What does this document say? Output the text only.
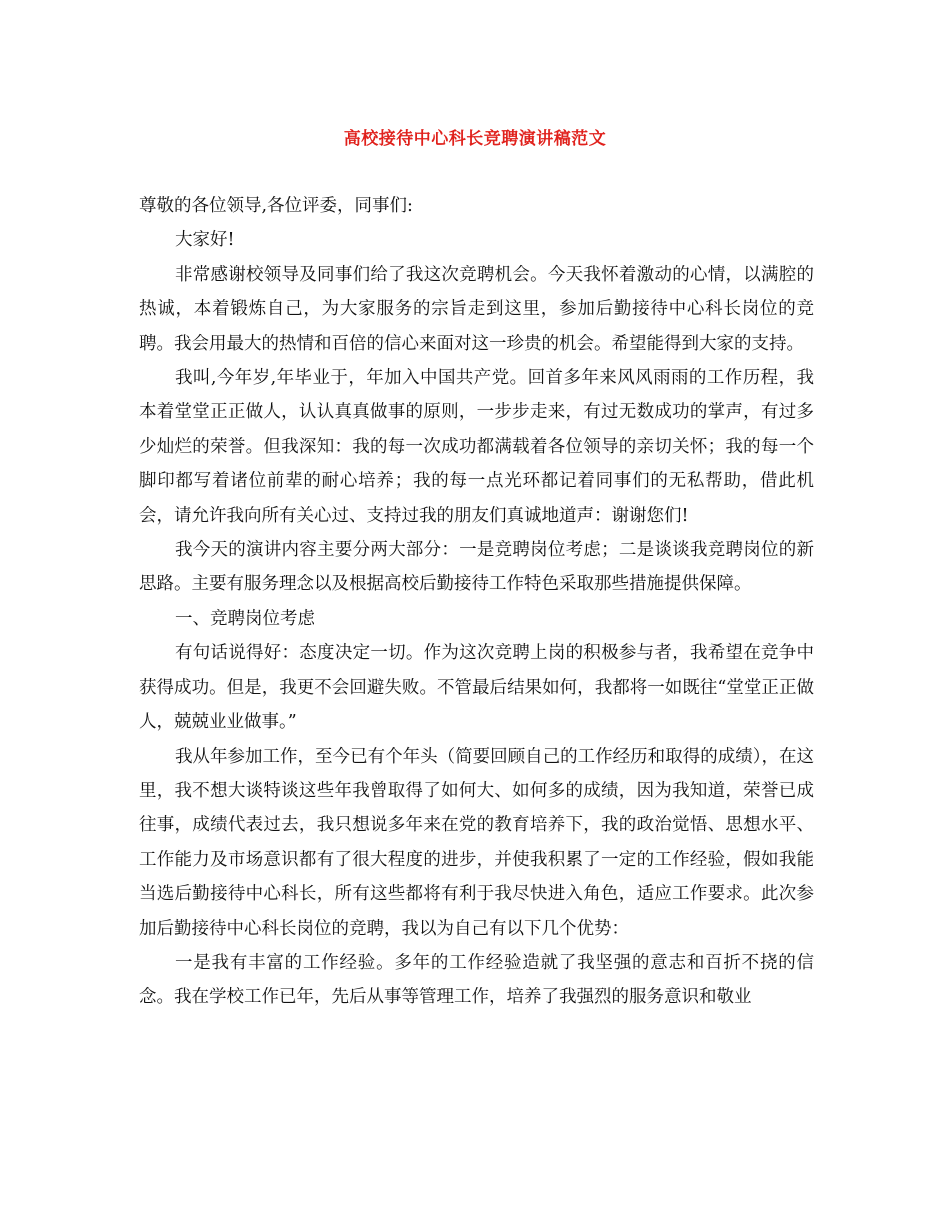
高校接待中心科长竞聘演讲稿范文

尊敬的各位领导,各位评委，同事们:

大家好!

非常感谢校领导及同事们给了我这次竞聘机会。今天我怀着激动的心情，以满腔的热诚，本着锻炼自己，为大家服务的宗旨走到这里，参加后勤接待中心科长岗位的竞聘。我会用最大的热情和百倍的信心来面对这一珍贵的机会。希望能得到大家的支持。

我叫,今年岁,年毕业于，年加入中国共产党。回首多年来风风雨雨的工作历程，我本着堂堂正正做人，认认真真做事的原则，一步步走来，有过无数成功的掌声，有过多少灿烂的荣誉。但我深知：我的每一次成功都满载着各位领导的亲切关怀；我的每一个脚印都写着诸位前辈的耐心培养；我的每一点光环都记着同事们的无私帮助，借此机会，请允许我向所有关心过、支持过我的朋友们真诚地道声：谢谢您们!

我今天的演讲内容主要分两大部分：一是竞聘岗位考虑；二是谈谈我竞聘岗位的新思路。主要有服务理念以及根据高校后勤接待工作特色采取那些措施提供保障。

一、竞聘岗位考虑

有句话说得好：态度决定一切。作为这次竞聘上岗的积极参与者，我希望在竞争中获得成功。但是，我更不会回避失败。不管最后结果如何，我都将一如既往“堂堂正正做人，兢兢业业做事。”

我从年参加工作，至今已有个年头（简要回顾自己的工作经历和取得的成绩），在这里，我不想大谈特谈这些年我曾取得了如何大、如何多的成绩，因为我知道，荣誉已成往事，成绩代表过去，我只想说多年来在党的教育培养下，我的政治觉悟、思想水平、工作能力及市场意识都有了很大程度的进步，并使我积累了一定的工作经验，假如我能当选后勤接待中心科长，所有这些都将有利于我尽快进入角色，适应工作要求。此次参加后勤接待中心科长岗位的竞聘，我以为自己有以下几个优势：

一是我有丰富的工作经验。多年的工作经验造就了我坚强的意志和百折不挠的信念。我在学校工作已年，先后从事等管理工作，培养了我强烈的服务意识和敬业
